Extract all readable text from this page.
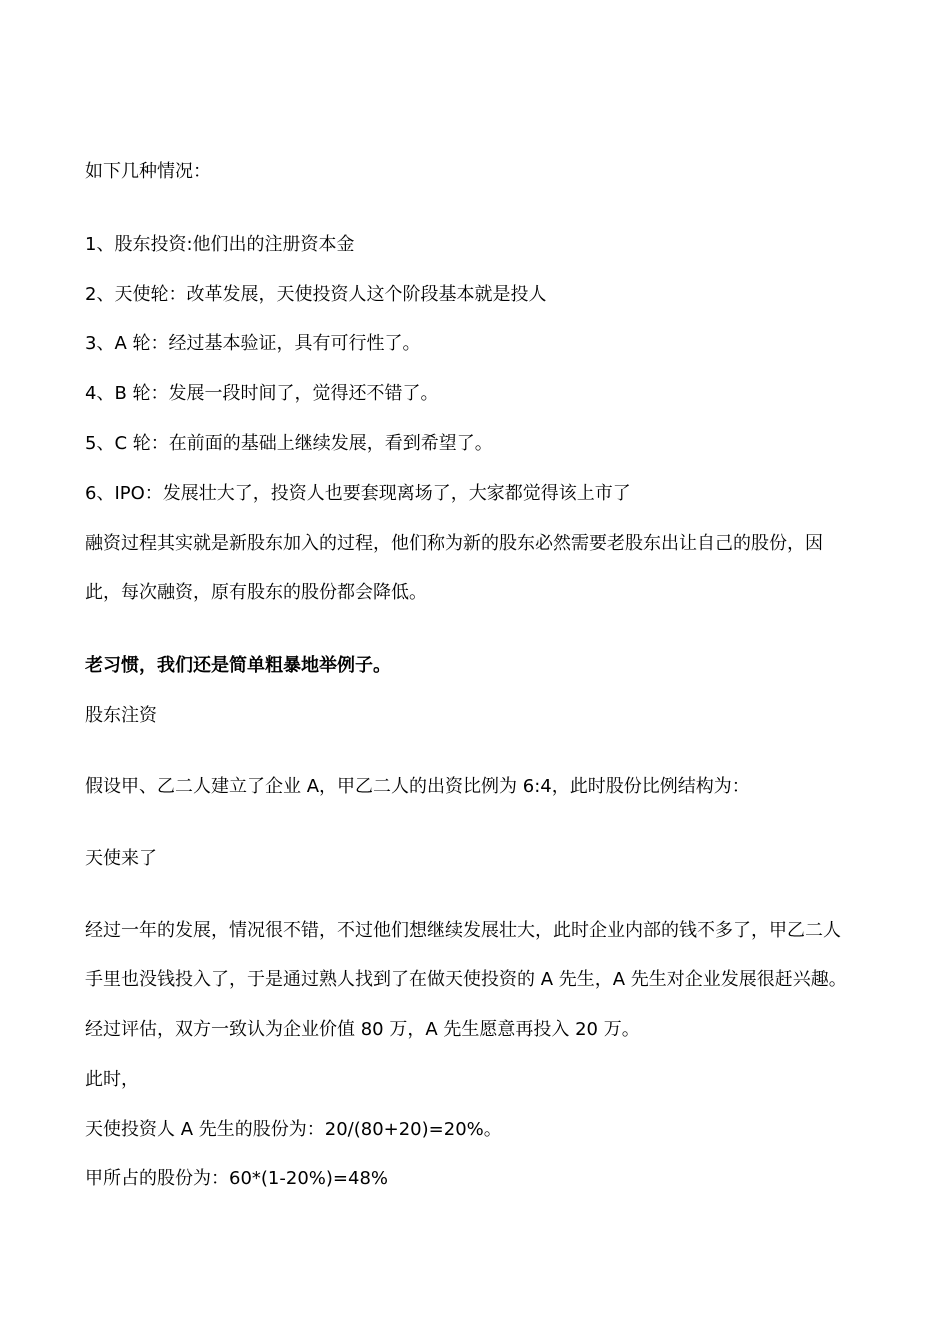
如下几种情况：
1、股东投资:他们出的注册资本金
2、天使轮：改革发展，天使投资人这个阶段基本就是投人
3、A 轮：经过基本验证，具有可行性了。
4、B 轮：发展一段时间了，觉得还不错了。
5、C 轮：在前面的基础上继续发展，看到希望了。
6、IPO：发展壮大了，投资人也要套现离场了，大家都觉得该上市了
融资过程其实就是新股东加入的过程，他们称为新的股东必然需要老股东出让自己的股份，因
此，每次融资，原有股东的股份都会降低。
老习惯，我们还是简单粗暴地举例子。
股东注资
假设甲、乙二人建立了企业 A，甲乙二人的出资比例为 6:4，此时股份比例结构为：
天使来了
经过一年的发展，情况很不错，不过他们想继续发展壮大，此时企业内部的钱不多了，甲乙二人
手里也没钱投入了，于是通过熟人找到了在做天使投资的 A 先生，A 先生对企业发展很赶兴趣。
经过评估，双方一致认为企业价值 80 万，A 先生愿意再投入 20 万。
此时，
天使投资人 A 先生的股份为：20/(80+20)=20%。
甲所占的股份为：60*(1-20%)=48%
